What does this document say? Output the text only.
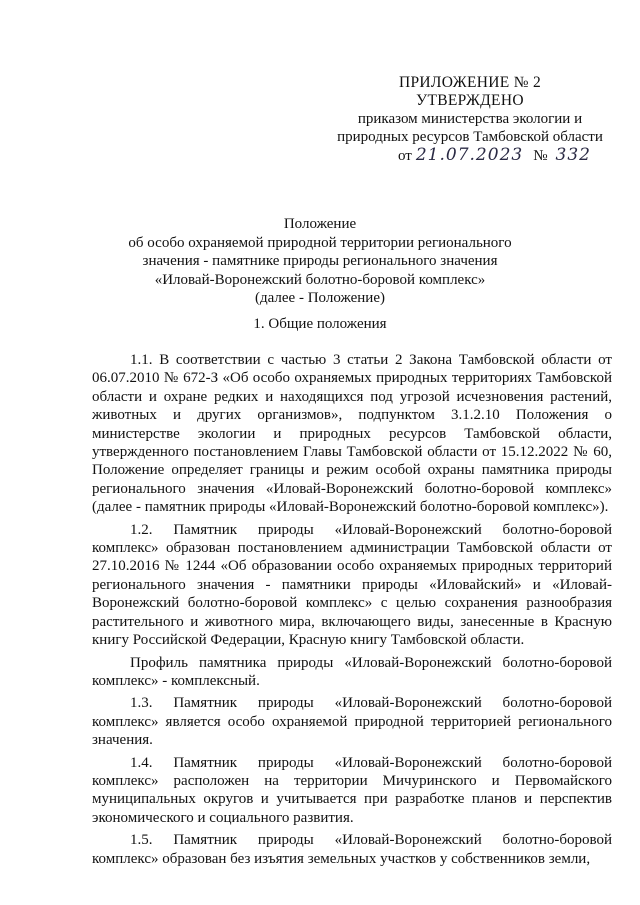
ПРИЛОЖЕНИЕ № 2
УТВЕРЖДЕНО
приказом министерства экологии и
природных ресурсов Тамбовской области
от 21.07.2023 № 332
Положение
об особо охраняемой природной территории регионального
значения - памятнике природы регионального значения
«Иловай-Воронежский болотно-боровой комплекс»
(далее - Положение)
1. Общие положения

1.1. В соответствии с частью 3 статьи 2 Закона Тамбовской области от 06.07.2010 № 672-З «Об особо охраняемых природных территориях Тамбовской области и охране редких и находящихся под угрозой исчезновения растений, животных и других организмов», подпунктом 3.1.2.10 Положения о министерстве экологии и природных ресурсов Тамбовской области, утвержденного постановлением Главы Тамбовской области от 15.12.2022 № 60, Положение определяет границы и режим особой охраны памятника природы регионального значения «Иловай-Воронежский болотно-боровой комплекс» (далее - памятник природы «Иловай-Воронежский болотно-боровой комплекс»).

1.2. Памятник природы «Иловай-Воронежский болотно-боровой комплекс» образован постановлением администрации Тамбовской области от 27.10.2016 № 1244 «Об образовании особо охраняемых природных территорий регионального значения - памятники природы «Иловайский» и «Иловай-Воронежский болотно-боровой комплекс» с целью сохранения разнообразия растительного и животного мира, включающего виды, занесенные в Красную книгу Российской Федерации, Красную книгу Тамбовской области.

Профиль памятника природы «Иловай-Воронежский болотно-боровой комплекс» - комплексный.

1.3. Памятник природы «Иловай-Воронежский болотно-боровой комплекс» является особо охраняемой природной территорией регионального значения.

1.4. Памятник природы «Иловай-Воронежский болотно-боровой комплекс» расположен на территории Мичуринского и Первомайского муниципальных округов и учитывается при разработке планов и перспектив экономического и социального развития.

1.5. Памятник природы «Иловай-Воронежский болотно-боровой комплекс» образован без изъятия земельных участков у собственников земли,
